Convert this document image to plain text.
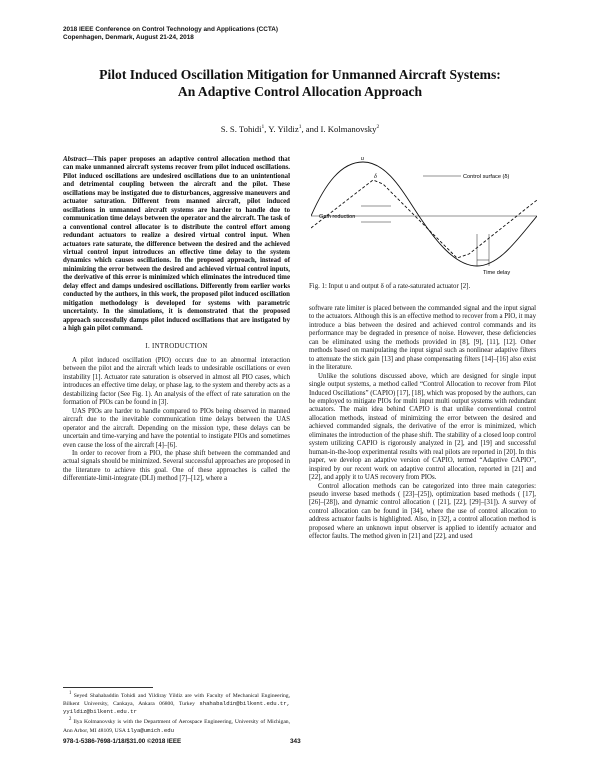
2018 IEEE Conference on Control Technology and Applications (CCTA)
Copenhagen, Denmark, August 21-24, 2018
Pilot Induced Oscillation Mitigation for Unmanned Aircraft Systems:
An Adaptive Control Allocation Approach
S. S. Tohidi$^1$, Y. Yildiz$^1$, and I. Kolmanovsky$^2$

Abstract—This paper proposes an adaptive control allocation method that can make unmanned aircraft systems recover from pilot induced oscillations. Pilot induced oscillations are undesired oscillations due to an unintentional and detrimental coupling between the aircraft and the pilot. These oscillations may be instigated due to disturbances, aggressive maneuvers and actuator saturation. Different from manned aircraft, pilot induced oscillations in unmanned aircraft systems are harder to handle due to communication time delays between the operator and the aircraft. The task of a conventional control allocator is to distribute the control effort among redundant actuators to realize a desired virtual control input. When actuators rate saturate, the difference between the desired and the achieved virtual control input introduces an effective time delay to the system dynamics which causes oscillations. In the proposed approach, instead of minimizing the error between the desired and achieved virtual control inputs, the derivative of this error is minimized which eliminates the introduced time delay effect and damps undesired oscillations. Differently from earlier works conducted by the authors, in this work, the proposed pilot induced oscillation mitigation methodology is developed for systems with parametric uncertainty. In the simulations, it is demonstrated that the proposed approach successfully damps pilot induced oscillations that are instigated by a high gain pilot command.

I. INTRODUCTION

A pilot induced oscillation (PIO) occurs due to an abnormal interaction between the pilot and the aircraft which leads to undesirable oscillations or even instability [1]. Actuator rate saturation is observed in almost all PIO cases, which introduces an effective time delay, or phase lag, to the system and thereby acts as a destabilizing factor (See Fig. 1). An analysis of the effect of rate saturation on the formation of PIOs can be found in [3].

UAS PIOs are harder to handle compared to PIOs being observed in manned aircraft due to the inevitable communication time delays between the UAS operator and the aircraft. Depending on the mission type, these delays can be uncertain and time-varying and have the potential to instigate PIOs and sometimes even cause the loss of the aircraft [4]–[6].

In order to recover from a PIO, the phase shift between the commanded and actual signals should be minimized. Several successful approaches are proposed in the literature to achieve this goal. One of these approaches is called the differentiate-limit-integrate (DLI) method [7]–[12], where a

u
δ	Control surface (δ)
Gain reduction
Time delay
Fig. 1: Input u and output δ of a rate-saturated actuator [2].

software rate limiter is placed between the commanded signal and the input signal to the actuators. Although this is an effective method to recover from a PIO, it may introduce a bias between the desired and achieved control commands and its performance may be degraded in presence of noise. However, these deficiencies can be eliminated using the methods provided in [8], [9], [11], [12]. Other methods based on manipulating the input signal such as nonlinear adaptive filters to attenuate the stick gain [13] and phase compensating filters [14]–[16] also exist in the literature.

Unlike the solutions discussed above, which are designed for single input single output systems, a method called “Control Allocation to recover from Pilot Induced Oscillations” (CAPIO) [17], [18], which was proposed by the authors, can be employed to mitigate PIOs for multi input multi output systems with redundant actuators. The main idea behind CAPIO is that unlike conventional control allocation methods, instead of minimizing the error between the desired and achieved commanded signals, the derivative of the error is minimized, which eliminates the introduction of the phase shift. The stability of a closed loop control system utilizing CAPIO is rigorously analyzed in [2], and [19] and successful human-in-the-loop experimental results with real pilots are reported in [20]. In this paper, we develop an adaptive version of CAPIO, termed “Adaptive CAPIO”, inspired by our recent work on adaptive control allocation, reported in [21] and [22], and apply it to UAS recovery from PIOs.

Control allocation methods can be categorized into three main categories: pseudo inverse based methods ( [23]–[25]), optimization based methods ( [17], [26]–[28]), and dynamic control allocation ( [21], [22], [29]–[31]). A survey of control allocation can be found in [34], where the use of control allocation to address actuator faults is highlighted. Also, in [32], a control allocation method is proposed where an unknown input observer is applied to identify actuator and effector faults. The method given in [21] and [22], and used

$^1$ Seyed Shahabaddin Tohidi and Yildiray Yildiz are with Faculty of Mechanical Engineering, Bilkent University, Cankaya, Ankara 06800, Turkey shahabaldin@bilkent.edu.tr, yyildiz@bilkent.edu.tr

$^2$ Ilya Kolmanovsky is with the Department of Aerospace Engineering, University of Michigan, Ann Arbor, MI 48109, USA ilya@umich.edu

978-1-5386-7698-1/18/$31.00 ©2018 IEEE	343
